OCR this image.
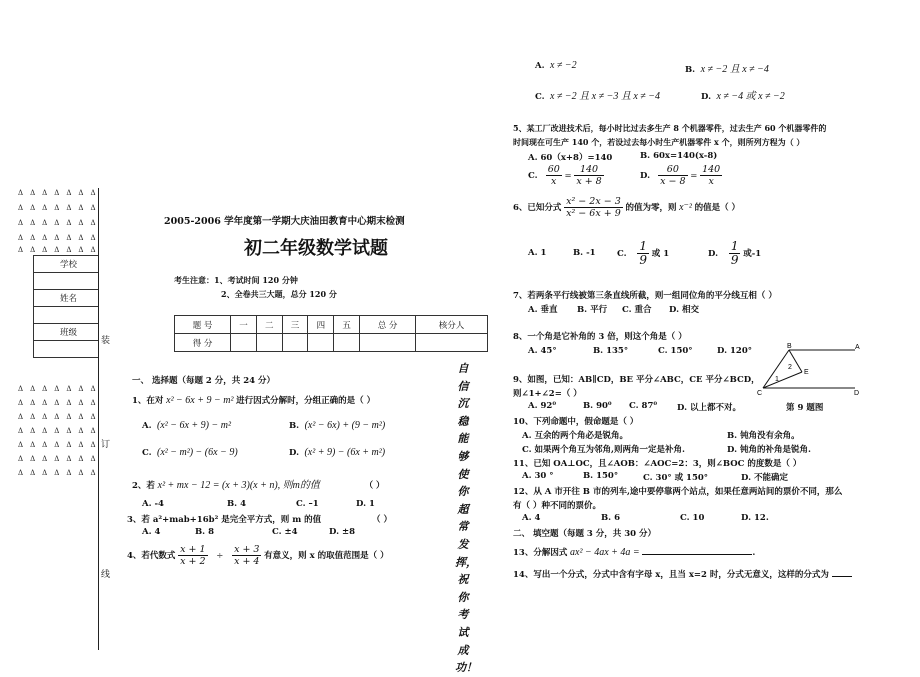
Δ Δ Δ Δ Δ Δ Δ
Δ Δ Δ Δ Δ Δ Δ
Δ Δ Δ Δ Δ Δ Δ
Δ Δ Δ Δ Δ Δ Δ
Δ Δ Δ Δ Δ Δ Δ
学校

姓名

班级

Δ Δ Δ Δ Δ Δ Δ
Δ Δ Δ Δ Δ Δ Δ
Δ Δ Δ Δ Δ Δ Δ
Δ Δ Δ Δ Δ Δ Δ
Δ Δ Δ Δ Δ Δ Δ
Δ Δ Δ Δ Δ Δ Δ
Δ Δ Δ Δ Δ Δ Δ
装
订
线
2005-2006 学年度第一学期大庆油田教育中心期末检测
初二年级数学试题
考生注意：1、考试时间 120 分钟
2、全卷共三大题，总分 120 分
题 号	一	二	三	四	五	总 分	核分人
得 分							
自信沉稳能够使你超常发挥，祝你考试成功！
一、 选择题（每题 2 分，共 24 分）
1、在对 x² − 6x + 9 − m² 进行因式分解时，分组正确的是（ ）
A. (x² − 6x + 9) − m²	B. (x² − 6x) + (9 − m²)
C. (x² − m²) − (6x − 9)	D. (x² + 9) − (6x + m²)
2、若 x² + mx − 12 = (x + 3)(x + n), 则m的值	（ ）
A. -4	B. 4	C. –1	D. 1
3、若 a²+mab+16b² 是完全平方式，则 m 的值	（ ）
A. 4	B. 8	C. ±4	D. ±8
4、若代数式 $\frac{x + 1}{x + 2} \div \frac{x + 3}{x + 4}$ 有意义，则 x 的取值范围是（ ）
A. x ≠ −2	B. x ≠ −2 且 x ≠ −4
C. x ≠ −2 且 x ≠ −3 且 x ≠ −4	D. x ≠ −4 或 x ≠ −2
5、某工厂改进技术后，每小时比过去多生产 8 个机器零件，过去生产 60 个机器零件的
时间现在可生产 140 个，若设过去每小时生产机器零件 x 个，则所列方程为（ ）
A. 60（x+8）=140	B. 60x=140(x-8)
C. $\frac{60}{x} = \frac{140}{x + 8}$	D. $\frac{60}{x - 8} = \frac{140}{x}$
6、已知分式 $\frac{\text{x² − 2x − 3}}{\text{x² − 6x + 9}}$ 的值为零，则 x⁻² 的值是（ ）
A. 1	B. -1	C. $\frac{1}{9}$ 或 1	D. $\frac{1}{9}$ 或-1
7、若两条平行线被第三条直线所截，则一组同位角的平分线互相（ ）
A. 垂直 B. 平行 C. 重合 D. 相交
8、一个角是它补角的 3 倍，则这个角是（ ）
A. 45°	B. 135°	C. 150°	D. 120°
9、如图，已知：AB∥CD，BE 平分∠ABC，CE 平分∠BCD，
则∠1+∠2=（ ）
A. 92⁰	B. 90⁰ C. 87⁰ D. 以上都不对。	第 9 题图
B	A
C	D
E
1
2
10、下列命题中，假命题是（ ）
A. 互余的两个角必是锐角。	B. 钝角没有余角。
C. 如果两个角互为邻角,则两角一定是补角.	D. 钝角的补角是锐角.
11、已知 OA⊥OC，且∠AOB：∠AOC=2：3，则∠BOC 的度数是（ ）
A. 30 °	B. 150°	C. 30° 或 150°	D. 不能确定
12、从 A 市开往 B 市的列车,途中要停靠两个站点，如果任意两站间的票价不同，那么
有（ ）种不同的票价。
A. 4	B. 6	C. 10	D. 12.
二、 填空题（每题 3 分，共 30 分）
13、分解因式 ax² − 4ax + 4a =	.
14、写出一个分式，分式中含有字母 x，且当 x=2 时，分式无意义，这样的分式为
